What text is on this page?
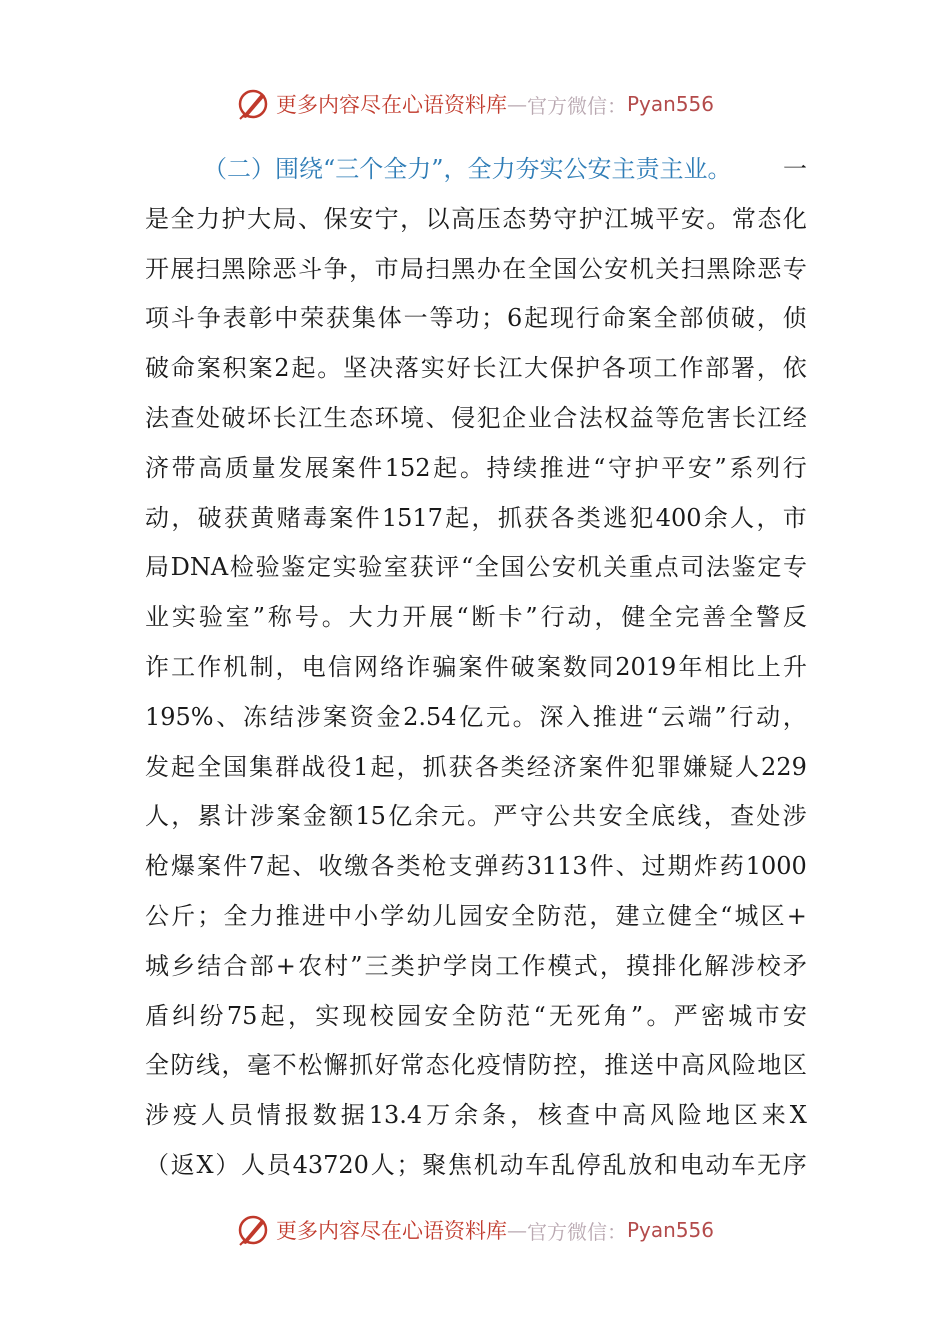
更多内容尽在心语资料库 — 官方微信： Pyan556
（二）围绕“三个全力”，全力夯实公安主责主业。 一
是 全 力 护 大 局 、 保 安 宁 ， 以 高 压 态 势 守 护 江 城 平 安 。 常 态 化
开 展 扫 黑 除 恶 斗 争 ， 市 局 扫 黑 办 在 全 国 公 安 机 关 扫 黑 除 恶 专
项 斗 争 表 彰 中 荣 获 集 体 一 等 功 ； 6 起 现 行 命 案 全 部 侦 破 ， 侦
破 命 案 积 案 2 起 。 坚 决 落 实 好 长 江 大 保 护 各 项 工 作 部 署 ， 依
法 查 处 破 坏 长 江 生 态 环 境 、 侵 犯 企 业 合 法 权 益 等 危 害 长 江 经
济 带 高 质 量 发 展 案 件 152 起 。 持 续 推 进 “ 守 护 平 安 ” 系 列 行
动 ， 破 获 黄 赌 毒 案 件 1517 起 ， 抓 获 各 类 逃 犯 400 余 人 ， 市
局 DNA 检 验 鉴 定 实 验 室 获 评 “ 全 国 公 安 机 关 重 点 司 法 鉴 定 专
业 实 验 室 ” 称 号 。 大 力 开 展 “ 断 卡 ” 行 动 ， 健 全 完 善 全 警 反
诈 工 作 机 制 ， 电 信 网 络 诈 骗 案 件 破 案 数 同 2019 年 相 比 上 升
195% 、 冻 结 涉 案 资 金 2.54 亿 元 。 深 入 推 进 “ 云 端 ” 行 动 ，
发 起 全 国 集 群 战 役 1 起 ， 抓 获 各 类 经 济 案 件 犯 罪 嫌 疑 人 229
人 ， 累 计 涉 案 金 额 15 亿 余 元 。 严 守 公 共 安 全 底 线 ， 查 处 涉
枪 爆 案 件 7 起 、 收 缴 各 类 枪 支 弹 药 3113 件 、 过 期 炸 药 1000
公 斤 ； 全 力 推 进 中 小 学 幼 儿 园 安 全 防 范 ， 建 立 健 全 “ 城 区 +
城 乡 结 合 部 + 农 村 ” 三 类 护 学 岗 工 作 模 式 ， 摸 排 化 解 涉 校 矛
盾 纠 纷 75 起 ， 实 现 校 园 安 全 防 范 “ 无 死 角 ” 。 严 密 城 市 安
全 防 线 ， 毫 不 松 懈 抓 好 常 态 化 疫 情 防 控 ， 推 送 中 高 风 险 地 区
涉 疫 人 员 情 报 数 据 13.4 万 余 条 ， 核 查 中 高 风 险 地 区 来 X
（ 返 X ） 人 员 43720 人 ； 聚 焦 机 动 车 乱 停 乱 放 和 电 动 车 无 序
更多内容尽在心语资料库 — 官方微信： Pyan556
